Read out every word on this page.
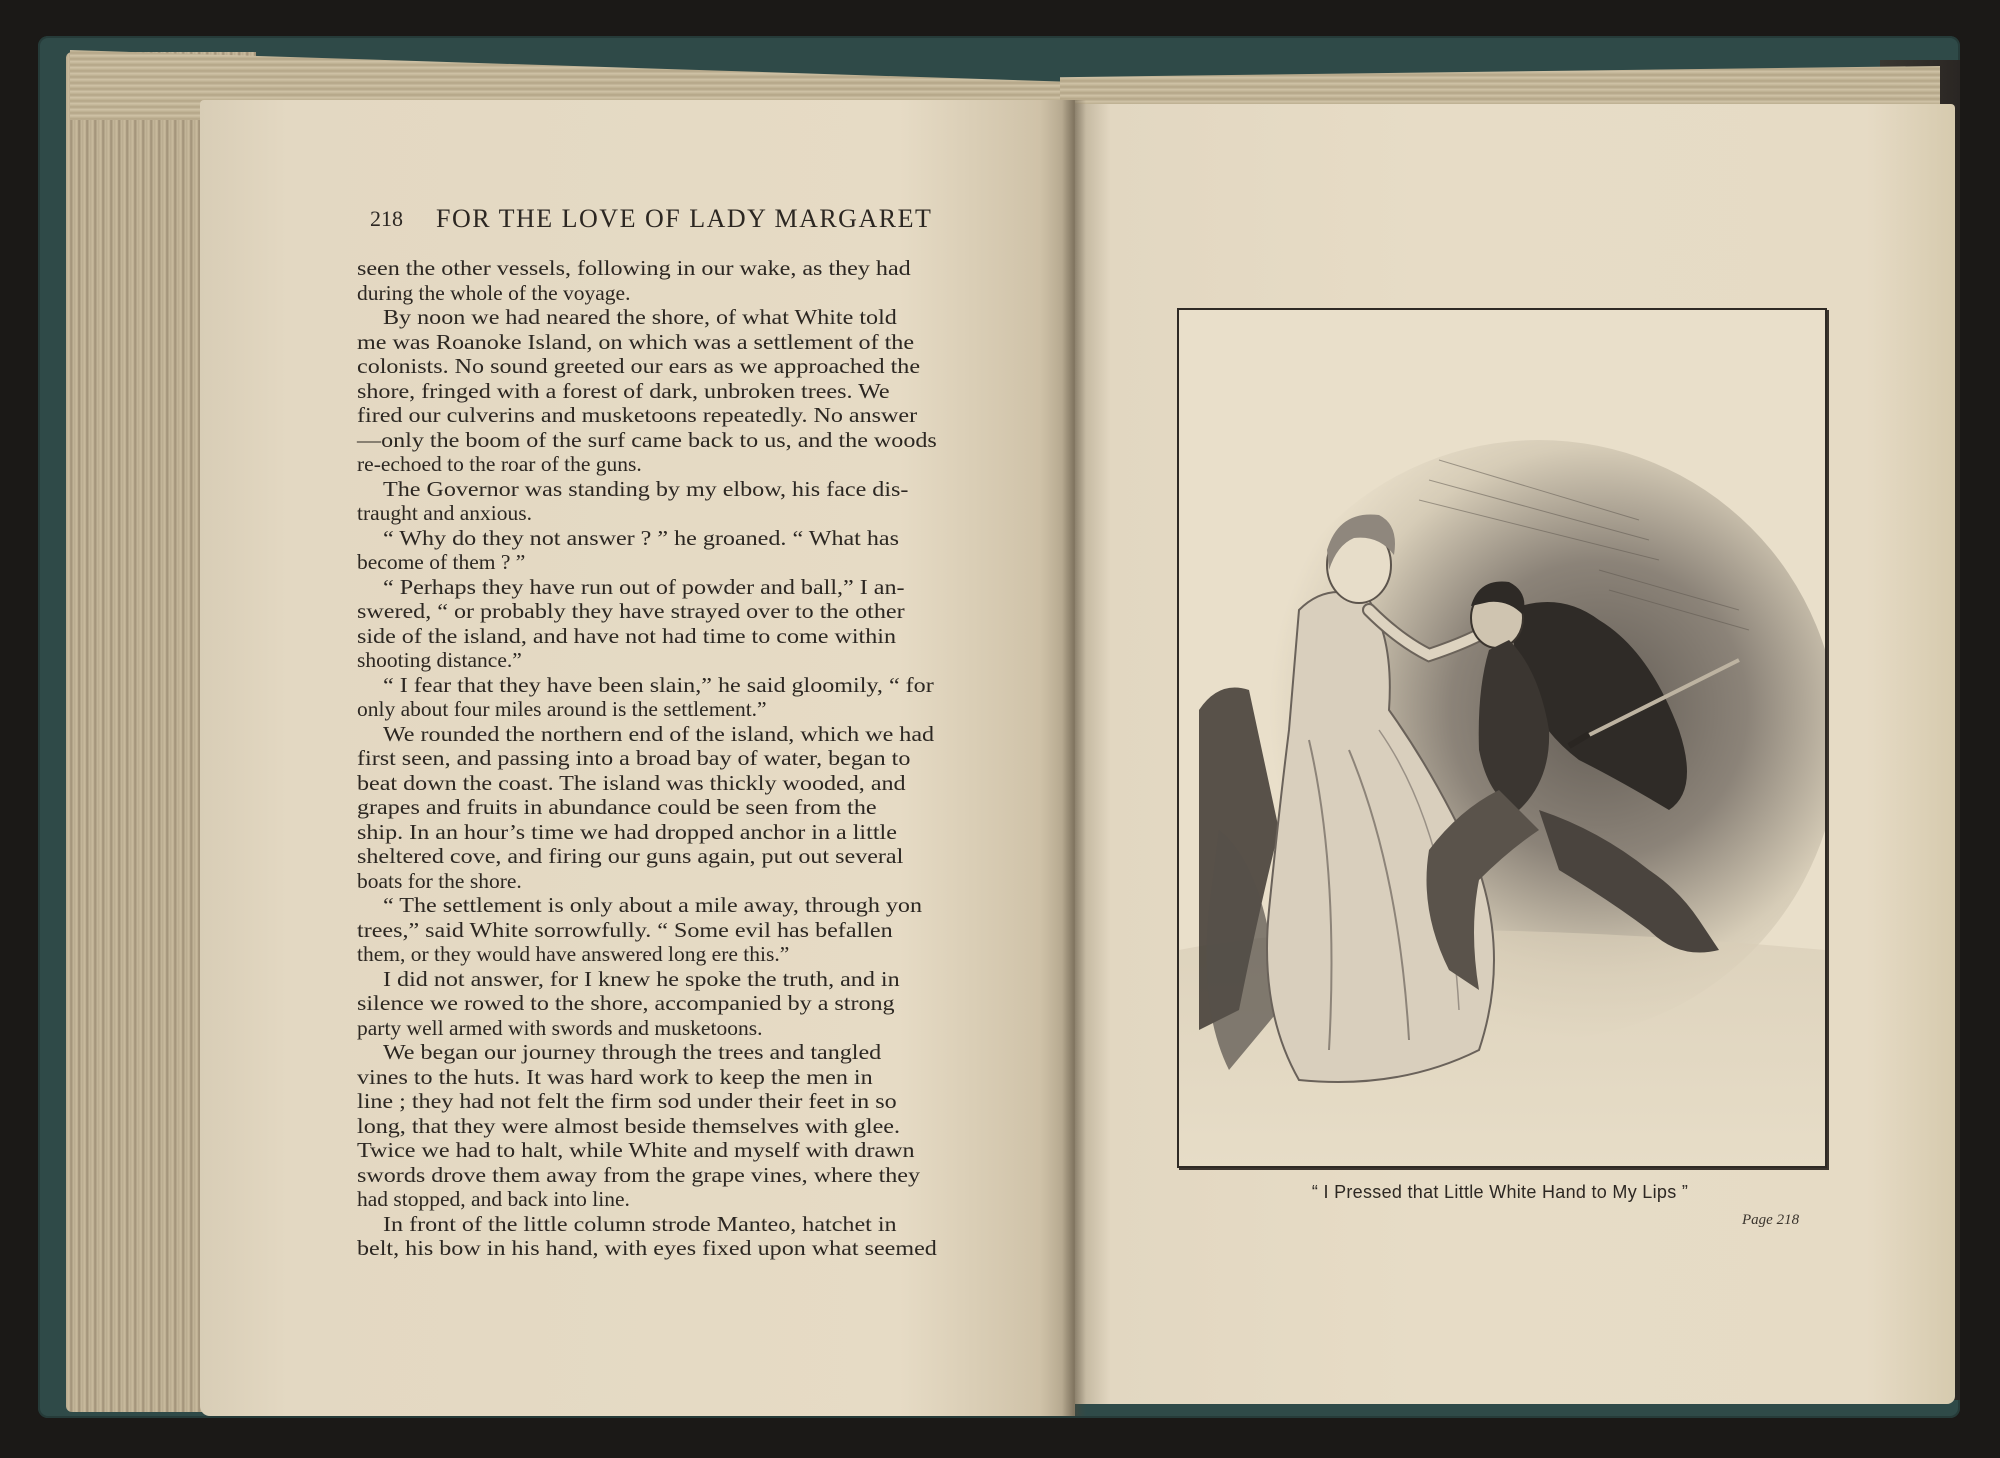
218 FOR THE LOVE OF LADY MARGARET
seen the other vessels, following in our wake, as they had
during the whole of the voyage.
By noon we had neared the shore, of what White told
me was Roanoke Island, on which was a settlement of the
colonists. No sound greeted our ears as we approached the
shore, fringed with a forest of dark, unbroken trees. We
fired our culverins and musketoons repeatedly. No answer
—only the boom of the surf came back to us, and the woods
re-echoed to the roar of the guns.
The Governor was standing by my elbow, his face dis-
traught and anxious.
“ Why do they not answer ? ” he groaned. “ What has
become of them ? ”
“ Perhaps they have run out of powder and ball,” I an-
swered, “ or probably they have strayed over to the other
side of the island, and have not had time to come within
shooting distance.”
“ I fear that they have been slain,” he said gloomily, “ for
only about four miles around is the settlement.”
We rounded the northern end of the island, which we had
first seen, and passing into a broad bay of water, began to
beat down the coast. The island was thickly wooded, and
grapes and fruits in abundance could be seen from the
ship. In an hour’s time we had dropped anchor in a little
sheltered cove, and firing our guns again, put out several
boats for the shore.
“ The settlement is only about a mile away, through yon
trees,” said White sorrowfully. “ Some evil has befallen
them, or they would have answered long ere this.”
I did not answer, for I knew he spoke the truth, and in
silence we rowed to the shore, accompanied by a strong
party well armed with swords and musketoons.
We began our journey through the trees and tangled
vines to the huts. It was hard work to keep the men in
line ; they had not felt the firm sod under their feet in so
long, that they were almost beside themselves with glee.
Twice we had to halt, while White and myself with drawn
swords drove them away from the grape vines, where they
had stopped, and back into line.
In front of the little column strode Manteo, hatchet in
belt, his bow in his hand, with eyes fixed upon what seemed
“ I Pressed that Little White Hand to My Lips ”
Page 218
